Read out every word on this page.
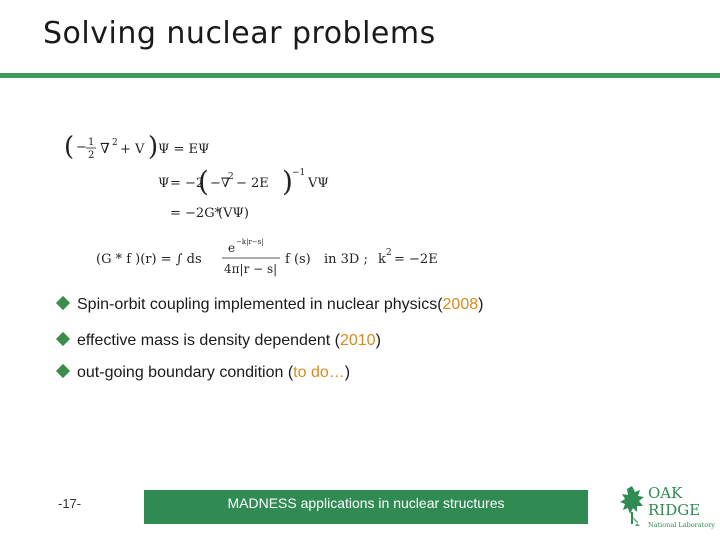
Solving nuclear problems
( − 1
2 ∇ 2 + V ) Ψ = EΨ
Ψ = −2
( −∇
2 − 2E ) −1
VΨ
= −2G*
(VΨ)
(G * f )(r) = ∫ ds
e −k|r−s|
4π|r − s|
f (s) in 3D ; k 2 = −2E
Spin-orbit coupling implemented in nuclear physics(2008)
effective mass is density dependent (2010)
out-going boundary condition (to do…)
-17-	MADNESS applications in nuclear structures
OAK
RIDGE
National Laboratory
